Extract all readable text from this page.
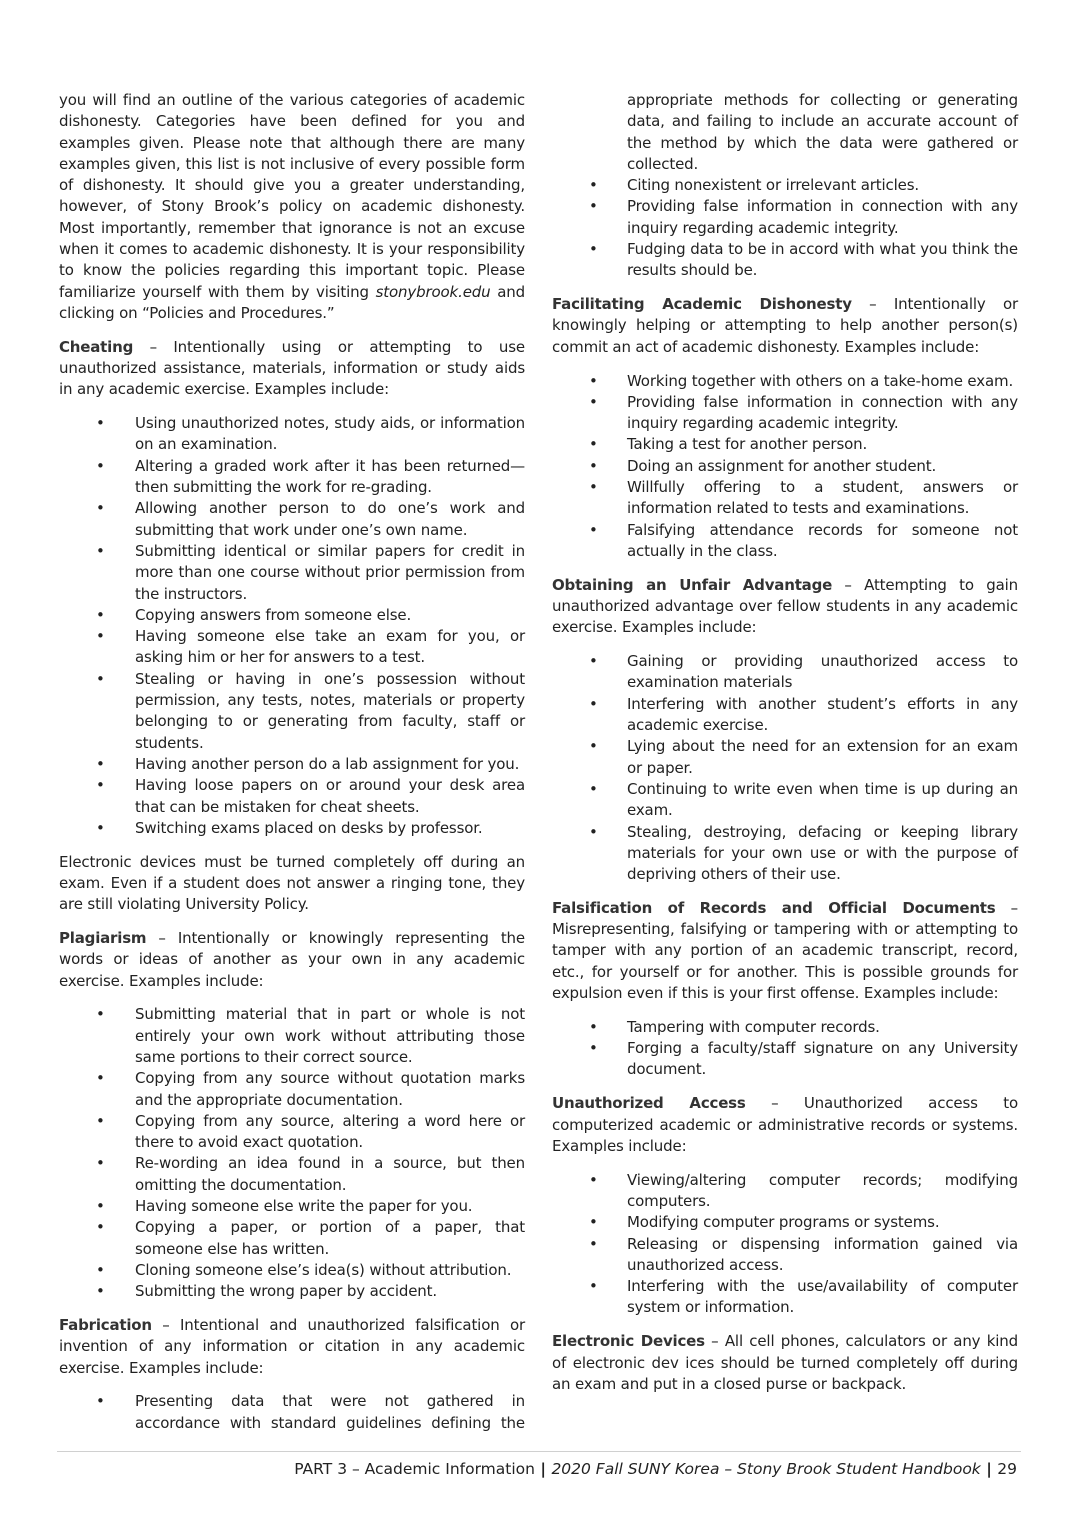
you will find an outline of the various categories of academic dishonesty. Categories have been defined for you and examples given. Please note that although there are many examples given, this list is not inclusive of every possible form of dishonesty. It should give you a greater understanding, however, of Stony Brook’s policy on academic dishonesty. Most importantly, remember that ignorance is not an excuse when it comes to academic dishonesty. It is your responsibility to know the policies regarding this important topic. Please familiarize yourself with them by visiting stonybrook.edu and clicking on “Policies and Procedures.”

Cheating – Intentionally using or attempting to use unauthorized assistance, materials, information or study aids in any academic exercise. Examples include:

• Using unauthorized notes, study aids, or information on an examination.
• Altering a graded work after it has been returned—then submitting the work for re-grading.
• Allowing another person to do one’s work and submitting that work under one’s own name.
• Submitting identical or similar papers for credit in more than one course without prior permission from the instructors.
• Copying answers from someone else.
• Having someone else take an exam for you, or asking him or her for answers to a test.
• Stealing or having in one’s possession without permission, any tests, notes, materials or property belonging to or generating from faculty, staff or students.
• Having another person do a lab assignment for you.
• Having loose papers on or around your desk area that can be mistaken for cheat sheets.
• Switching exams placed on desks by professor.

Electronic devices must be turned completely off during an exam. Even if a student does not answer a ringing tone, they are still violating University Policy.

Plagiarism – Intentionally or knowingly representing the words or ideas of another as your own in any academic exercise. Examples include:

• Submitting material that in part or whole is not entirely your own work without attributing those same portions to their correct source.
• Copying from any source without quotation marks and the appropriate documentation.
• Copying from any source, altering a word here or there to avoid exact quotation.
• Re-wording an idea found in a source, but then omitting the documentation.
• Having someone else write the paper for you.
• Copying a paper, or portion of a paper, that someone else has written.
• Cloning someone else’s idea(s) without attribution.
• Submitting the wrong paper by accident.

Fabrication – Intentional and unauthorized falsification or invention of any information or citation in any academic exercise. Examples include:

• Presenting data that were not gathered in accordance with standard guidelines defining the
appropriate methods for collecting or generating data, and failing to include an accurate account of the method by which the data were gathered or collected.
• Citing nonexistent or irrelevant articles.
• Providing false information in connection with any inquiry regarding academic integrity.
• Fudging data to be in accord with what you think the results should be.

Facilitating Academic Dishonesty – Intentionally or knowingly helping or attempting to help another person(s) commit an act of academic dishonesty. Examples include:

• Working together with others on a take-home exam.
• Providing false information in connection with any inquiry regarding academic integrity.
• Taking a test for another person.
• Doing an assignment for another student.
• Willfully offering to a student, answers or information related to tests and examinations.
• Falsifying attendance records for someone not actually in the class.

Obtaining an Unfair Advantage – Attempting to gain unauthorized advantage over fellow students in any academic exercise. Examples include:

• Gaining or providing unauthorized access to examination materials
• Interfering with another student’s efforts in any academic exercise.
• Lying about the need for an extension for an exam or paper.
• Continuing to write even when time is up during an exam.
• Stealing, destroying, defacing or keeping library materials for your own use or with the purpose of depriving others of their use.

Falsification of Records and Official Documents – Misrepresenting, falsifying or tampering with or attempting to tamper with any portion of an academic transcript, record, etc., for yourself or for another. This is possible grounds for expulsion even if this is your first offense. Examples include:

• Tampering with computer records.
• Forging a faculty/staff signature on any University document.

Unauthorized Access – Unauthorized access to computerized academic or administrative records or systems. Examples include:

• Viewing/altering computer records; modifying computers.
• Modifying computer programs or systems.
• Releasing or dispensing information gained via unauthorized access.
• Interfering with the use/availability of computer system or information.

Electronic Devices – All cell phones, calculators or any kind of electronic dev ices should be turned completely off during an exam and put in a closed purse or backpack.

PART 3 – Academic Information | 2020 Fall SUNY Korea – Stony Brook Student Handbook | 29
